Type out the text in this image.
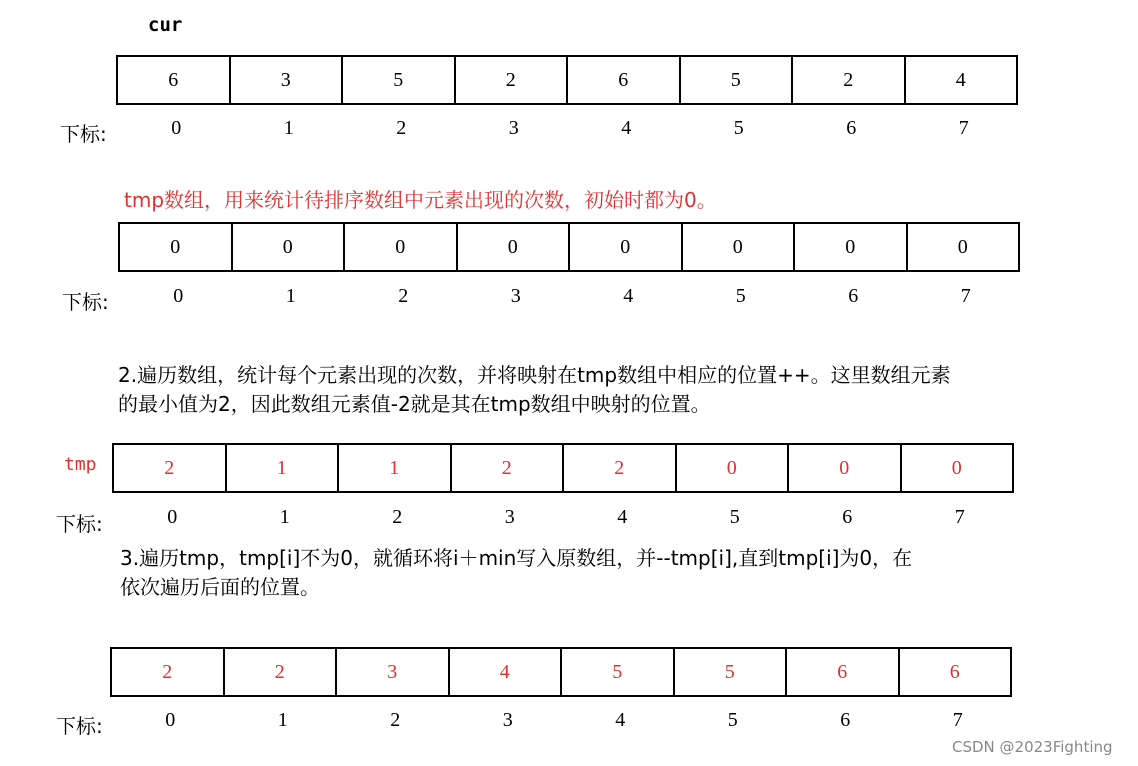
cur
6	3	5	2	6	5	2	4
下标:	0	1	2	3	4	5	6	7
tmp数组，用来统计待排序数组中元素出现的次数，初始时都为0。
0	0	0	0	0	0	0	0
下标:	0	1	2	3	4	5	6	7
2.遍历数组，统计每个元素出现的次数，并将映射在tmp数组中相应的位置++。这里数组元素
的最小值为2，因此数组元素值-2就是其在tmp数组中映射的位置。
tmp	2	1	1	2	2	0	0	0
下标:	0	1	2	3	4	5	6	7
3.遍历tmp，tmp[i]不为0，就循环将i＋min写入原数组，并--tmp[i],直到tmp[i]为0，在
依次遍历后面的位置。
2	2	3	4	5	5	6	6
下标:	0	1	2	3	4	5	6	7
CSDN @2023Fighting
